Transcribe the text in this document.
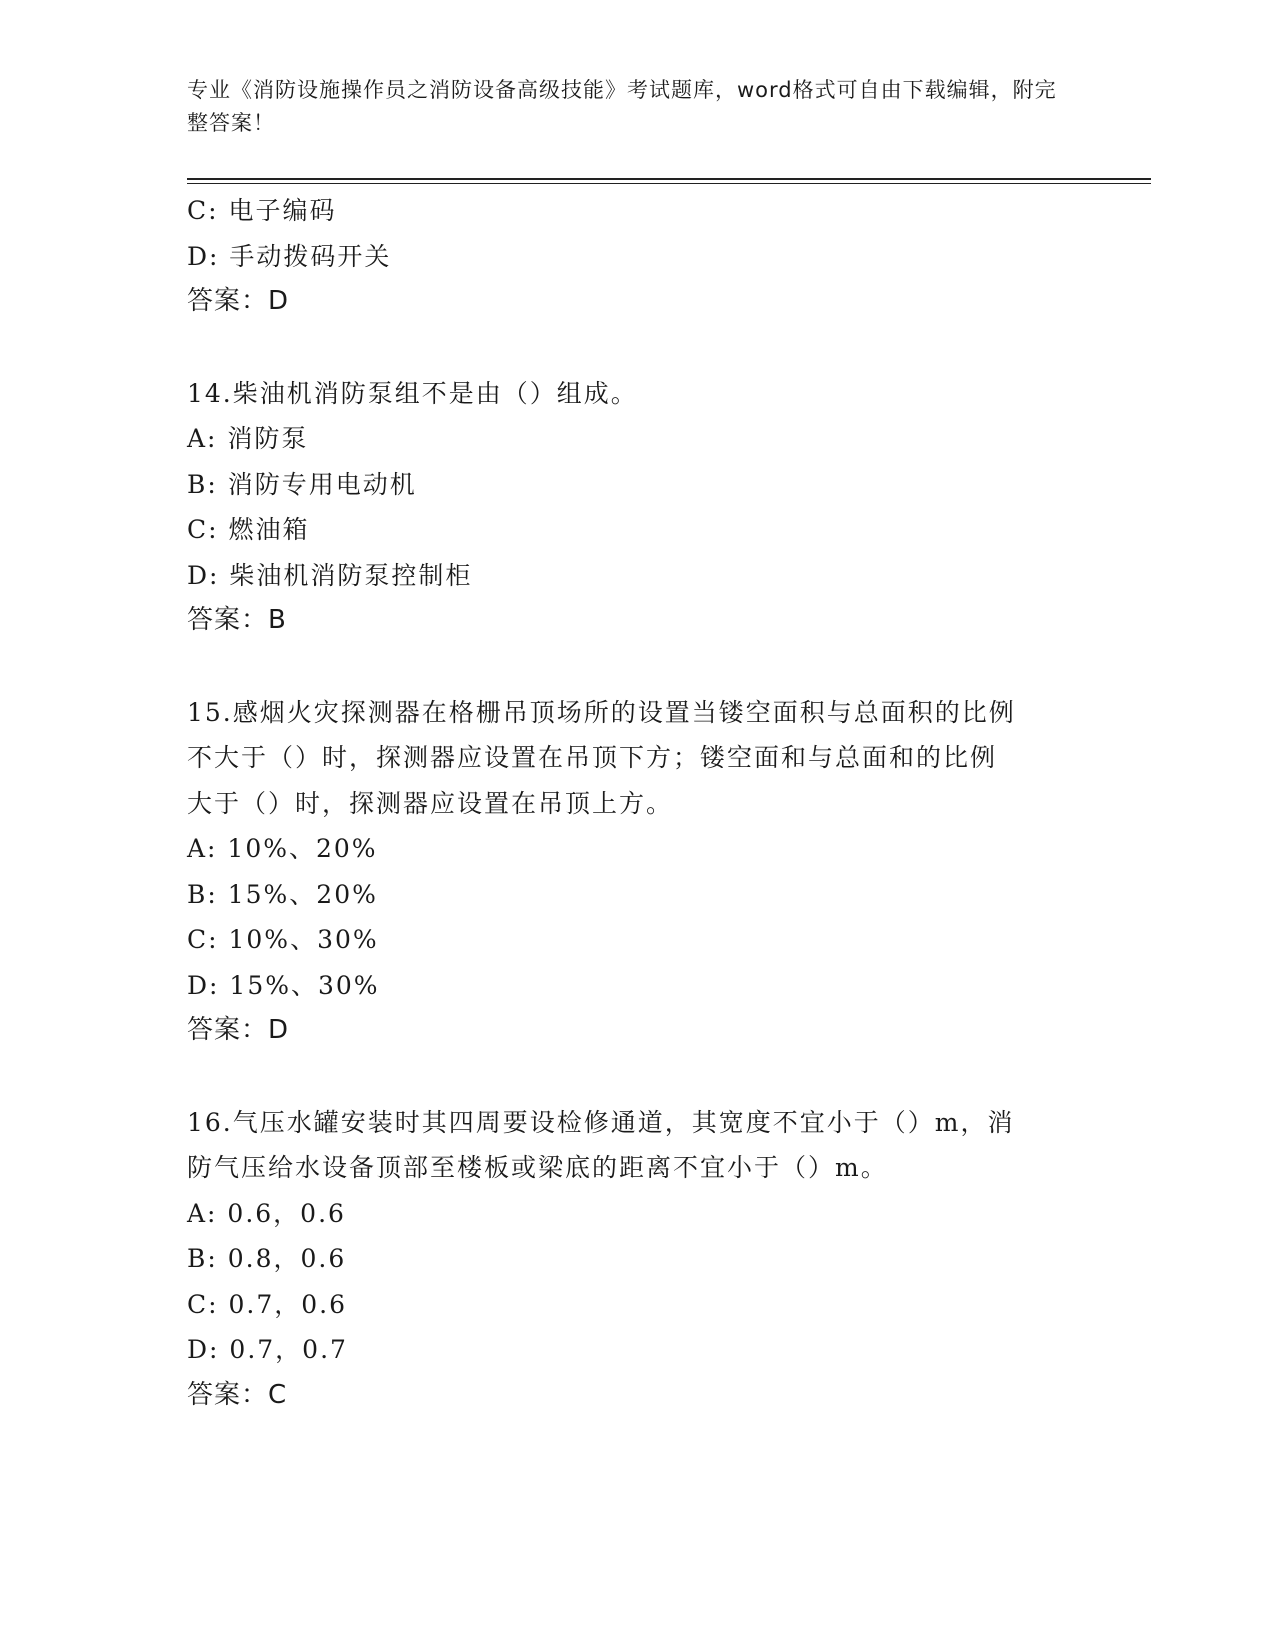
专业《消防设施操作员之消防设备高级技能》考试题库，word格式可自由下载编辑，附完整答案！
C: 电子编码
D: 手动拨码开关
答案：D
14.柴油机消防泵组不是由（）组成。
A: 消防泵
B: 消防专用电动机
C: 燃油箱
D: 柴油机消防泵控制柜
答案：B
15.感烟火灾探测器在格栅吊顶场所的设置当镂空面积与总面积的比例
不大于（）时，探测器应设置在吊顶下方；镂空面和与总面和的比例
大于（）时，探测器应设置在吊顶上方。
A: 10%、20%
B: 15%、20%
C: 10%、30%
D: 15%、30%
答案：D
16.气压水罐安装时其四周要设检修通道，其宽度不宜小于（）m，消
防气压给水设备顶部至楼板或梁底的距离不宜小于（）m。
A: 0.6，0.6
B: 0.8，0.6
C: 0.7，0.6
D: 0.7，0.7
答案：C
